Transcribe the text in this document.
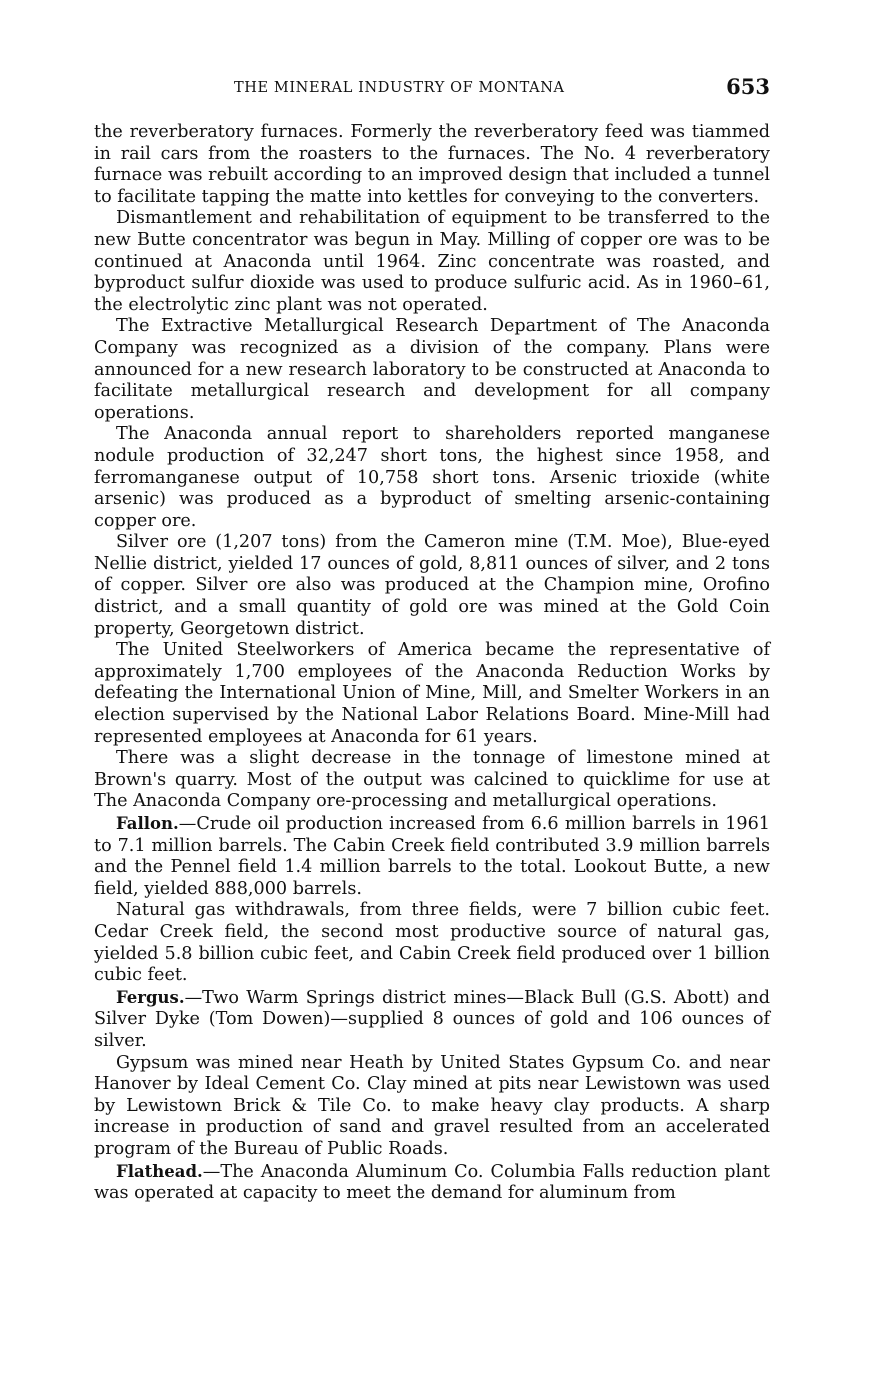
THE MINERAL INDUSTRY OF MONTANA	653

the reverberatory furnaces. Formerly the reverberatory feed was tiammed in rail cars from the roasters to the furnaces. The No. 4 reverberatory furnace was rebuilt according to an improved design that included a tunnel to facilitate tapping the matte into kettles for conveying to the converters.

Dismantlement and rehabilitation of equipment to be transferred to the new Butte concentrator was begun in May. Milling of copper ore was to be continued at Anaconda until 1964. Zinc concentrate was roasted, and byproduct sulfur dioxide was used to produce sulfuric acid. As in 1960–61, the electrolytic zinc plant was not operated.

The Extractive Metallurgical Research Department of The Anaconda Company was recognized as a division of the company. Plans were announced for a new research laboratory to be constructed at Anaconda to facilitate metallurgical research and development for all company operations.

The Anaconda annual report to shareholders reported manganese nodule production of 32,247 short tons, the highest since 1958, and ferromanganese output of 10,758 short tons. Arsenic trioxide (white arsenic) was produced as a byproduct of smelting arsenic-containing copper ore.

Silver ore (1,207 tons) from the Cameron mine (T.M. Moe), Blue-eyed Nellie district, yielded 17 ounces of gold, 8,811 ounces of silver, and 2 tons of copper. Silver ore also was produced at the Champion mine, Orofino district, and a small quantity of gold ore was mined at the Gold Coin property, Georgetown district.

The United Steelworkers of America became the representative of approximately 1,700 employees of the Anaconda Reduction Works by defeating the International Union of Mine, Mill, and Smelter Workers in an election supervised by the National Labor Relations Board. Mine-Mill had represented employees at Anaconda for 61 years.

There was a slight decrease in the tonnage of limestone mined at Brown's quarry. Most of the output was calcined to quicklime for use at The Anaconda Company ore-processing and metallurgical operations.

Fallon.—Crude oil production increased from 6.6 million barrels in 1961 to 7.1 million barrels. The Cabin Creek field contributed 3.9 million barrels and the Pennel field 1.4 million barrels to the total. Lookout Butte, a new field, yielded 888,000 barrels.

Natural gas withdrawals, from three fields, were 7 billion cubic feet. Cedar Creek field, the second most productive source of natural gas, yielded 5.8 billion cubic feet, and Cabin Creek field produced over 1 billion cubic feet.

Fergus.—Two Warm Springs district mines—Black Bull (G.S. Abott) and Silver Dyke (Tom Dowen)—supplied 8 ounces of gold and 106 ounces of silver.

Gypsum was mined near Heath by United States Gypsum Co. and near Hanover by Ideal Cement Co. Clay mined at pits near Lewistown was used by Lewistown Brick & Tile Co. to make heavy clay products. A sharp increase in production of sand and gravel resulted from an accelerated program of the Bureau of Public Roads.

Flathead.—The Anaconda Aluminum Co. Columbia Falls reduction plant was operated at capacity to meet the demand for aluminum from
